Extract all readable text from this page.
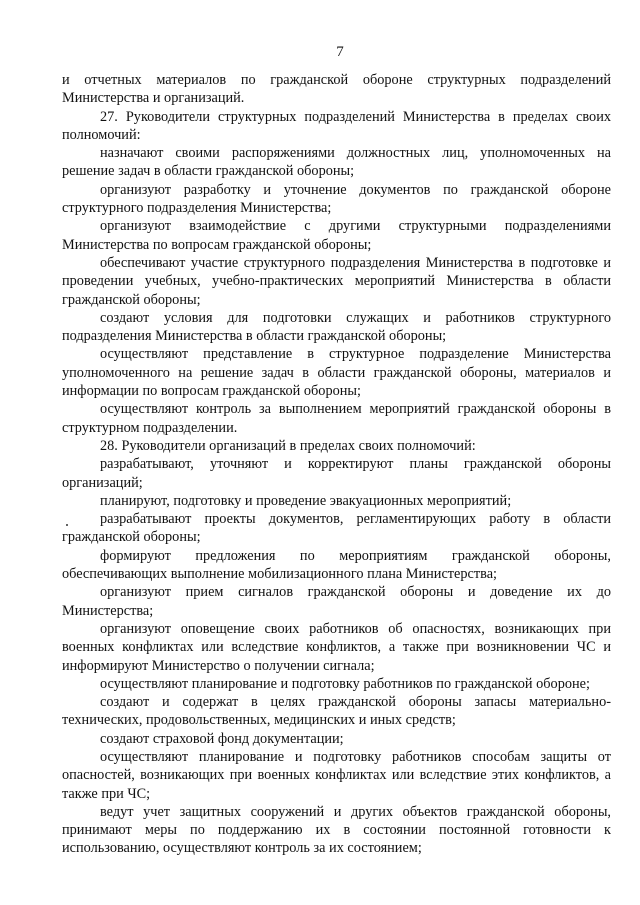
7

и отчетных материалов по гражданской обороне структурных подразделений Министерства и организаций.

27. Руководители структурных подразделений Министерства в пределах своих полномочий:

назначают своими распоряжениями должностных лиц, уполномоченных на решение задач в области гражданской обороны;

организуют разработку и уточнение документов по гражданской обороне структурного подразделения Министерства;

организуют взаимодействие с другими структурными подразделениями Министерства по вопросам гражданской обороны;

обеспечивают участие структурного подразделения Министерства в подготовке и проведении учебных, учебно-практических мероприятий Министерства в области гражданской обороны;

создают условия для подготовки служащих и работников структурного подразделения Министерства в области гражданской обороны;

осуществляют представление в структурное подразделение Министерства уполномоченного на решение задач в области гражданской обороны, материалов и информации по вопросам гражданской обороны;

осуществляют контроль за выполнением мероприятий гражданской обороны в структурном подразделении.

28. Руководители организаций в пределах своих полномочий:

разрабатывают, уточняют и корректируют планы гражданской обороны организаций;

планируют, подготовку и проведение эвакуационных мероприятий;

разрабатывают проекты документов, регламентирующих работу в области гражданской обороны;

формируют предложения по мероприятиям гражданской обороны, обеспечивающих выполнение мобилизационного плана Министерства;

организуют прием сигналов гражданской обороны и доведение их до Министерства;

организуют оповещение своих работников об опасностях, возникающих при военных конфликтах или вследствие конфликтов, а также при возникновении ЧС и информируют Министерство о получении сигнала;

осуществляют планирование и подготовку работников по гражданской обороне;

создают и содержат в целях гражданской обороны запасы материально-технических, продовольственных, медицинских и иных средств;

создают страховой фонд документации;

осуществляют планирование и подготовку работников способам защиты от опасностей, возникающих при военных конфликтах или вследствие этих конфликтов, а также при ЧС;

ведут учет защитных сооружений и других объектов гражданской обороны, принимают меры по поддержанию их в состоянии постоянной готовности к использованию, осуществляют контроль за их состоянием;
